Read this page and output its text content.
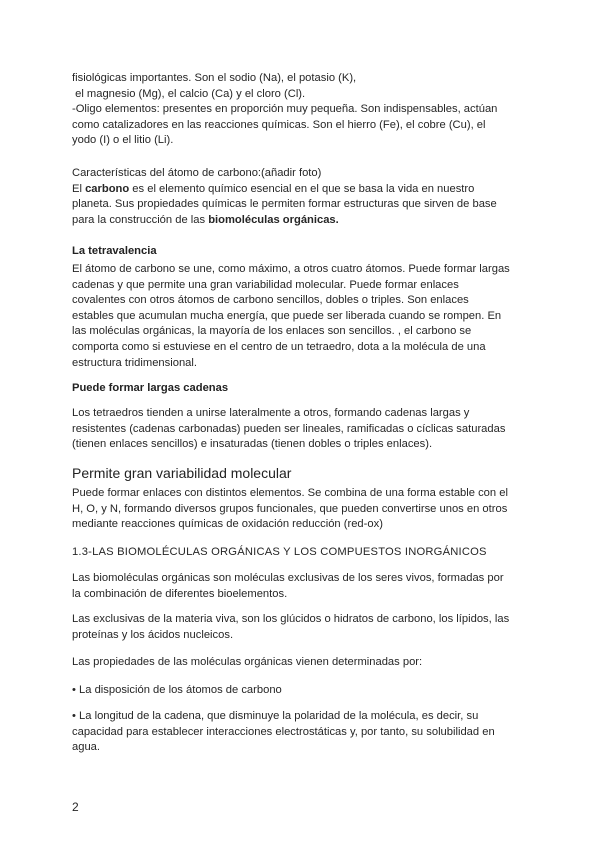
fisiológicas importantes. Son el sodio (Na), el potasio (K),
el magnesio (Mg), el calcio (Ca) y el cloro (Cl).
-Oligo elementos: presentes en proporción muy pequeña. Son indispensables, actúan
como catalizadores en las reacciones químicas. Son el hierro (Fe), el cobre (Cu), el
yodo (I) o el litio (Li).
Características del átomo de carbono:(añadir foto)
El carbono es el elemento químico esencial en el que se basa la vida en nuestro
planeta. Sus propiedades químicas le permiten formar estructuras que sirven de base
para la construcción de las biomoléculas orgánicas.
La tetravalencia
El átomo de carbono se une, como máximo, a otros cuatro átomos. Puede formar largas
cadenas y que permite una gran variabilidad molecular. Puede formar enlaces
covalentes con otros átomos de carbono sencillos, dobles o triples. Son enlaces
estables que acumulan mucha energía, que puede ser liberada cuando se rompen. En
las moléculas orgánicas, la mayoría de los enlaces son sencillos. , el carbono se
comporta como si estuviese en el centro de un tetraedro, dota a la molécula de una
estructura tridimensional.
Puede formar largas cadenas
Los tetraedros tienden a unirse lateralmente a otros, formando cadenas largas y
resistentes (cadenas carbonadas) pueden ser lineales, ramificadas o cíclicas saturadas
(tienen enlaces sencillos) e insaturadas (tienen dobles o triples enlaces).
Permite gran variabilidad molecular
Puede formar enlaces con distintos elementos. Se combina de una forma estable con el
H, O, y N, formando diversos grupos funcionales, que pueden convertirse unos en otros
mediante reacciones químicas de oxidación reducción (red-ox)
1.3-LAS BIOMOLÉCULAS ORGÁNICAS Y LOS COMPUESTOS INORGÁNICOS
Las biomoléculas orgánicas son moléculas exclusivas de los seres vivos, formadas por
la combinación de diferentes bioelementos.
Las exclusivas de la materia viva, son los glúcidos o hidratos de carbono, los lípidos, las
proteínas y los ácidos nucleicos.
Las propiedades de las moléculas orgánicas vienen determinadas por:
• La disposición de los átomos de carbono
• La longitud de la cadena, que disminuye la polaridad de la molécula, es decir, su
capacidad para establecer interacciones electrostáticas y, por tanto, su solubilidad en
agua.
2
